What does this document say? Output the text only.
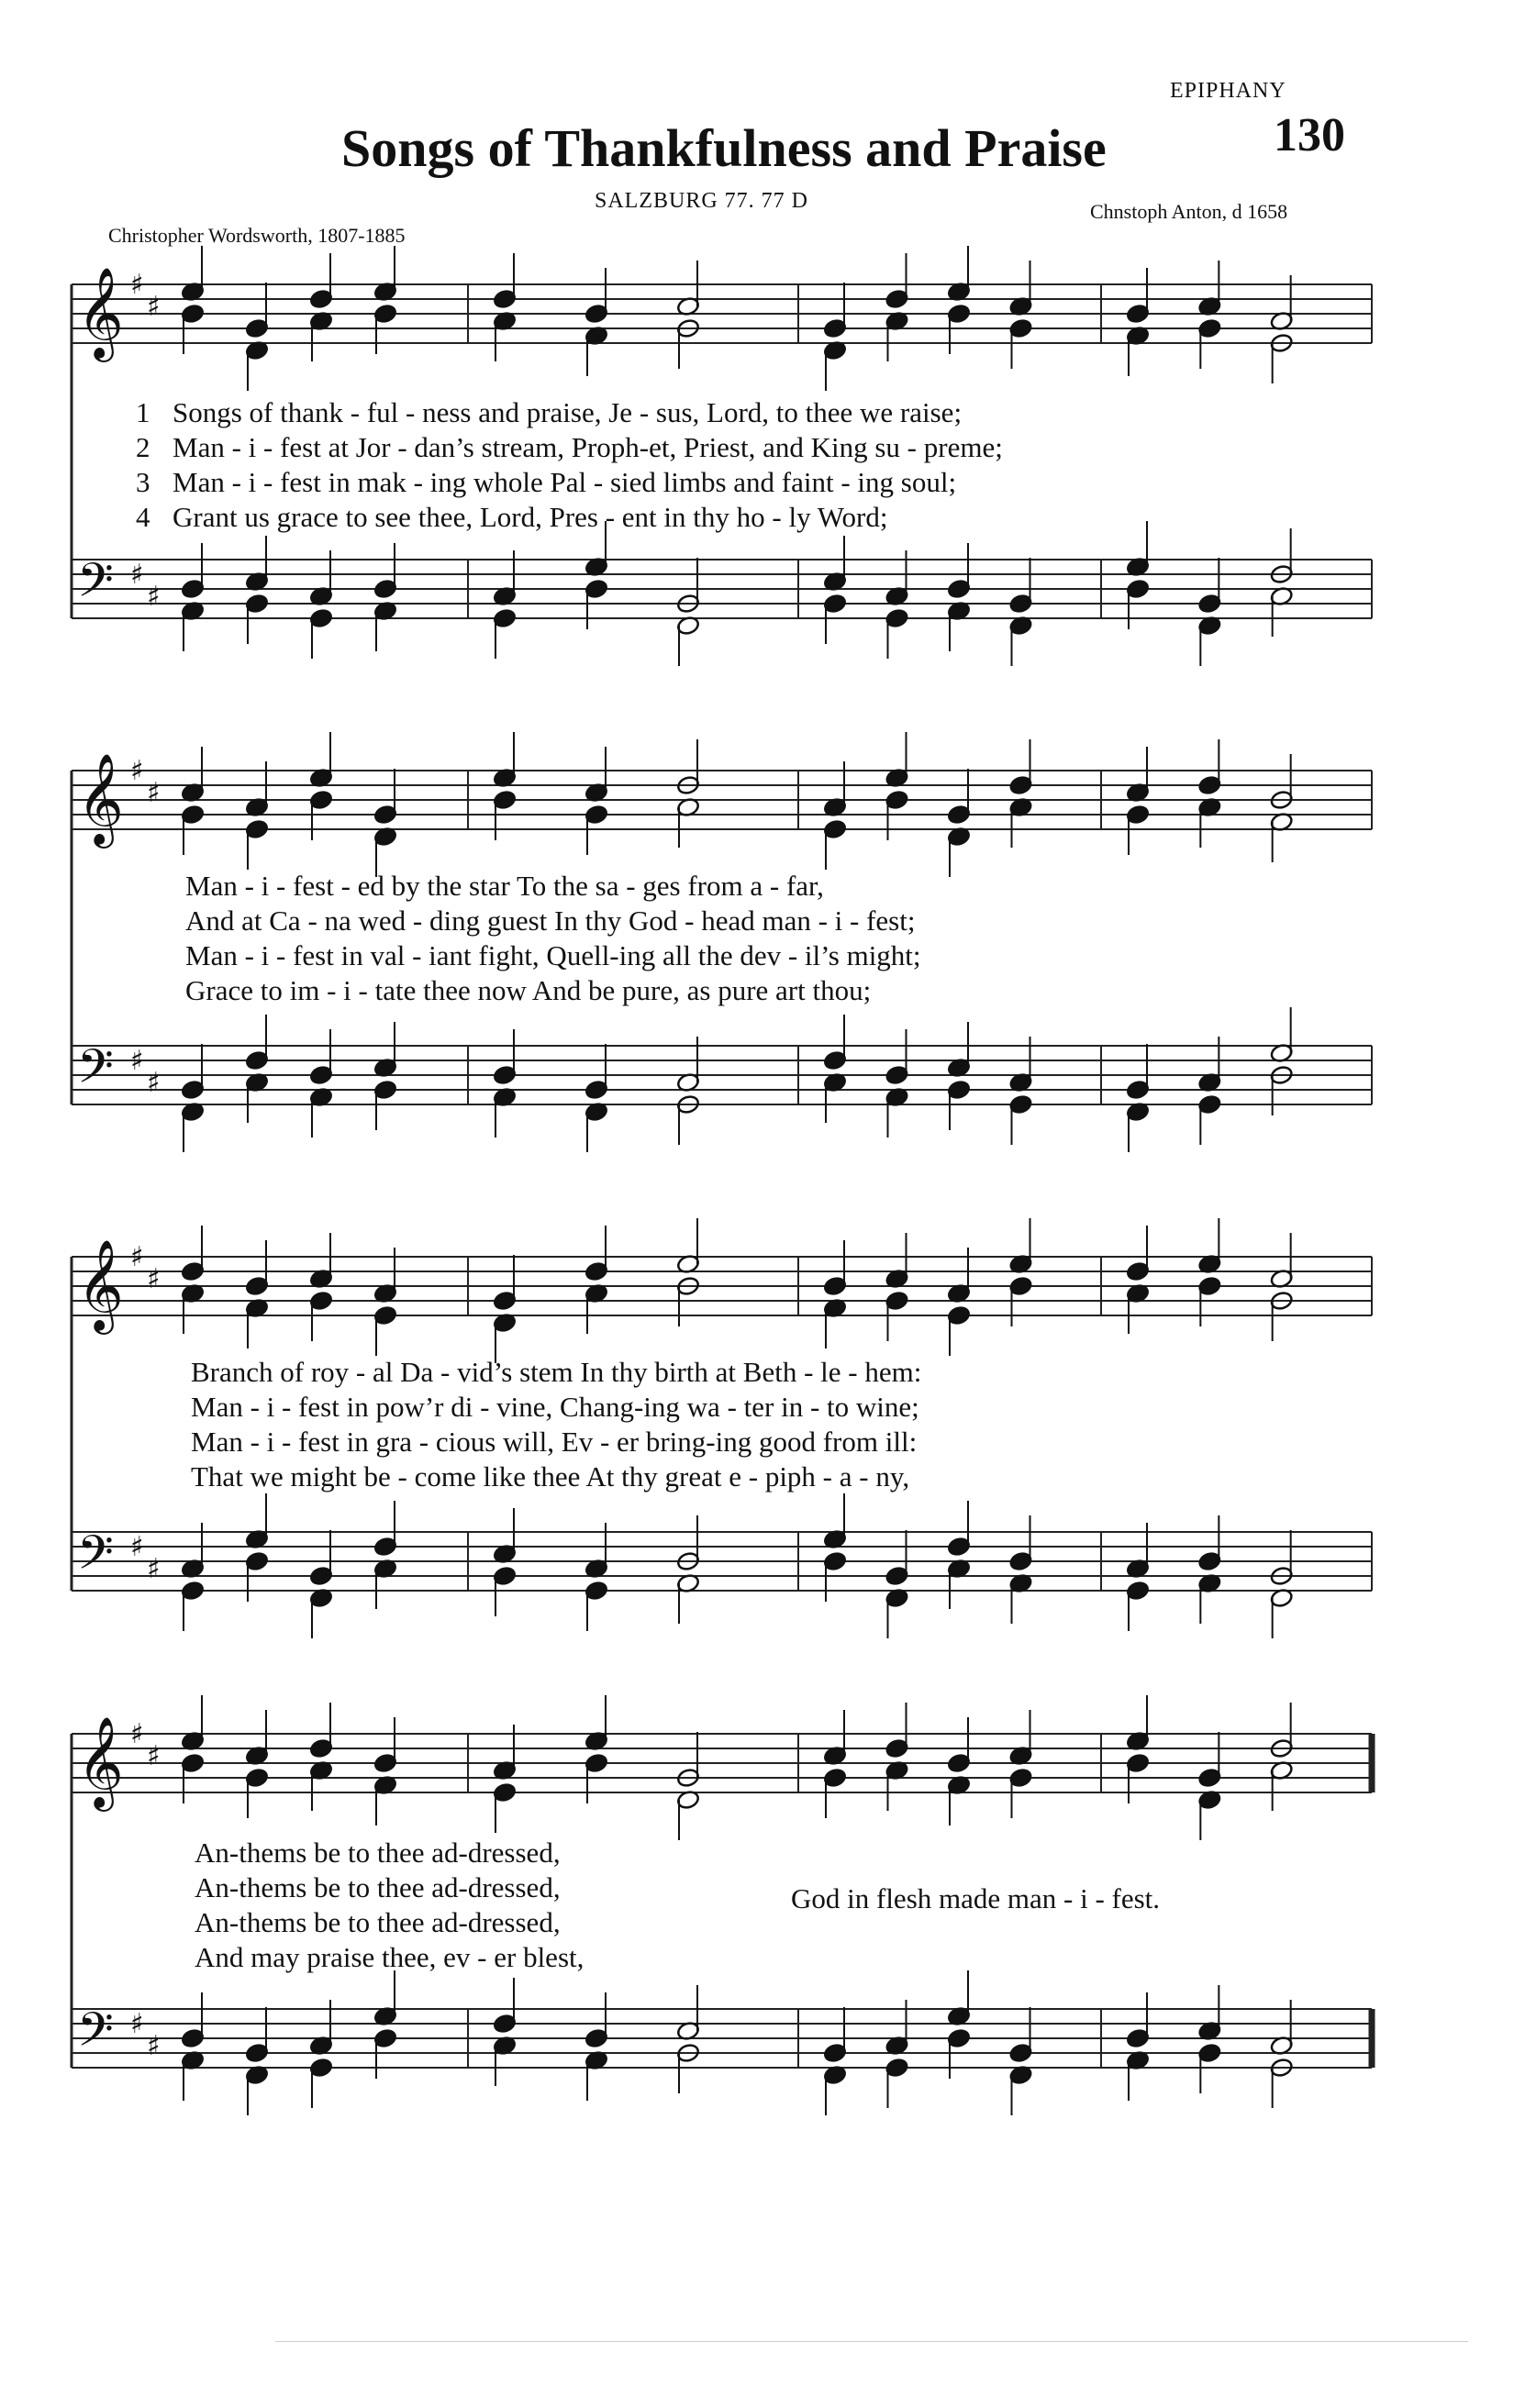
EPIPHANY
130
Songs of Thankfulness and Praise
SALZBURG 77. 77 D
Christopher Wordsworth, 1807-1885
Chnstoph Anton, d 1658
𝄞
𝄢
♯
♯
♯
♯
1 Songs of thank - ful - ness and praise, Je - sus, Lord, to thee we raise;
2 Man - i - fest at Jor - dan’s stream, Proph-et, Priest, and King su - preme;
3 Man - i - fest in mak - ing whole Pal - sied limbs and faint - ing soul;
4 Grant us grace to see thee, Lord, Pres - ent in thy ho - ly Word;
𝄞
𝄢
♯
♯
♯
♯
Man - i - fest - ed by the star To the sa - ges from a - far,
And at Ca - na wed - ding guest In thy God - head man - i - fest;
Man - i - fest in val - iant fight, Quell-ing all the dev - il’s might;
Grace to im - i - tate thee now And be pure, as pure art thou;
𝄞
𝄢
♯
♯
♯
♯
Branch of roy - al Da - vid’s stem In thy birth at Beth - le - hem:
Man - i - fest in pow’r di - vine, Chang-ing wa - ter in - to wine;
Man - i - fest in gra - cious will, Ev - er bring-ing good from ill:
That we might be - come like thee At thy great e - piph - a - ny,
𝄞
𝄢
♯
♯
♯
♯
An-thems be to thee ad-dressed,
An-thems be to thee ad-dressed,
An-thems be to thee ad-dressed,
And may praise thee, ev - er blest,
God in flesh made man - i - fest.
